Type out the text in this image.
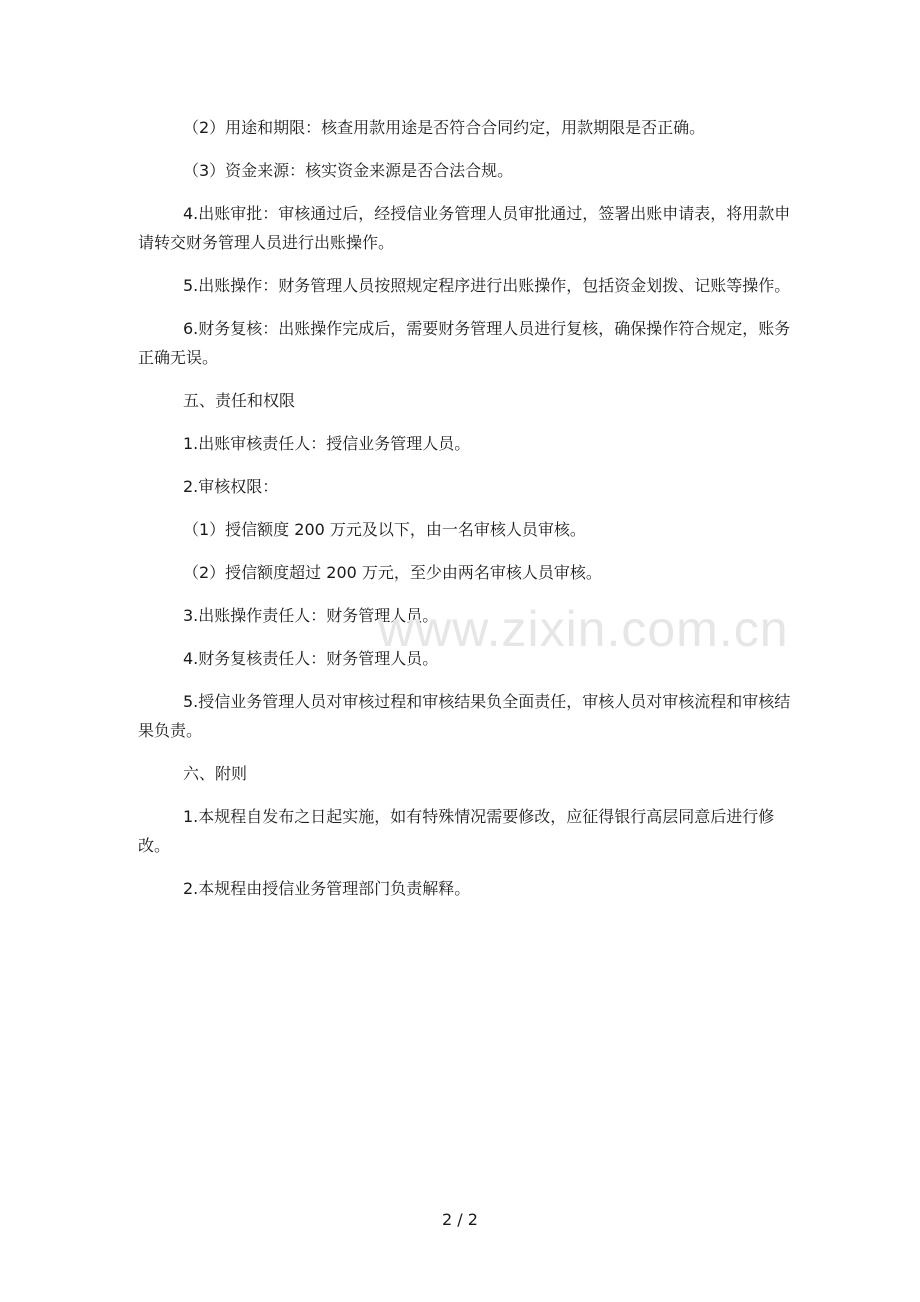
（2）用途和期限：核查用款用途是否符合合同约定，用款期限是否正确。

（3）资金来源：核实资金来源是否合法合规。

4.出账审批：审核通过后，经授信业务管理人员审批通过，签署出账申请表，将用款申请转交财务管理人员进行出账操作。

5.出账操作：财务管理人员按照规定程序进行出账操作，包括资金划拨、记账等操作。

6.财务复核：出账操作完成后，需要财务管理人员进行复核，确保操作符合规定，账务正确无误。

五、责任和权限

1.出账审核责任人：授信业务管理人员。

2.审核权限：

（1）授信额度 200 万元及以下，由一名审核人员审核。

（2）授信额度超过 200 万元，至少由两名审核人员审核。

3.出账操作责任人：财务管理人员。

4.财务复核责任人：财务管理人员。

5.授信业务管理人员对审核过程和审核结果负全面责任，审核人员对审核流程和审核结果负责。

六、附则

1.本规程自发布之日起实施，如有特殊情况需要修改，应征得银行高层同意后进行修改。

2.本规程由授信业务管理部门负责解释。

www.zixin.com.cn
2 / 2
